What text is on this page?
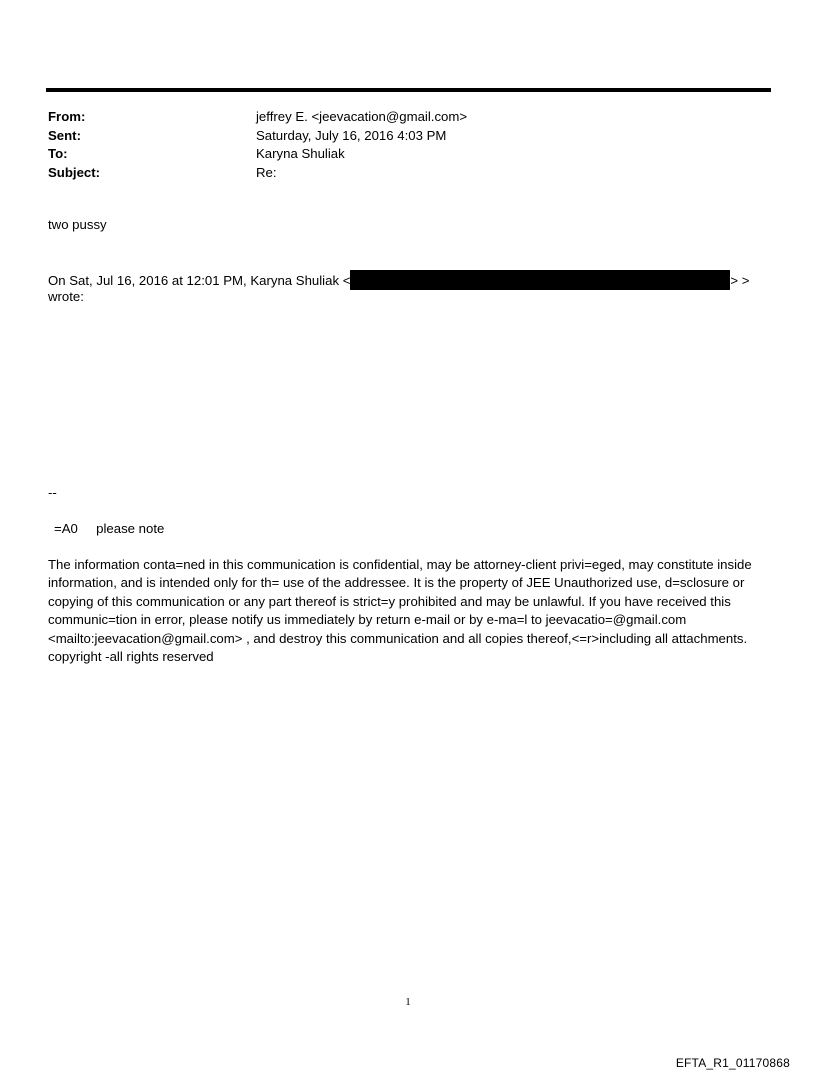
From:	jeffrey E. <jeevacation@gmail.com>
Sent:	Saturday, July 16, 2016 4:03 PM
To:	Karyna Shuliak
Subject:	Re:
two pussy
On Sat, Jul 16, 2016 at 12:01 PM, Karyna Shuliak <	> >
wrote:
--
=A0     please note
The information conta=ned in this communication is confidential, may be attorney-client privi=eged, may constitute inside information, and is intended only for th= use of the addressee. It is the property of JEE Unauthorized use, d=sclosure or copying of this communication or any part thereof is strict=y prohibited and may be unlawful. If you have received this communic=tion in error, please notify us immediately by return e-mail or by e-ma=l to jeevacatio=@gmail.com <mailto:jeevacation@gmail.com> , and destroy this communication and all copies thereof,<=r>including all attachments. copyright -all rights reserved
1
EFTA_R1_01170868
